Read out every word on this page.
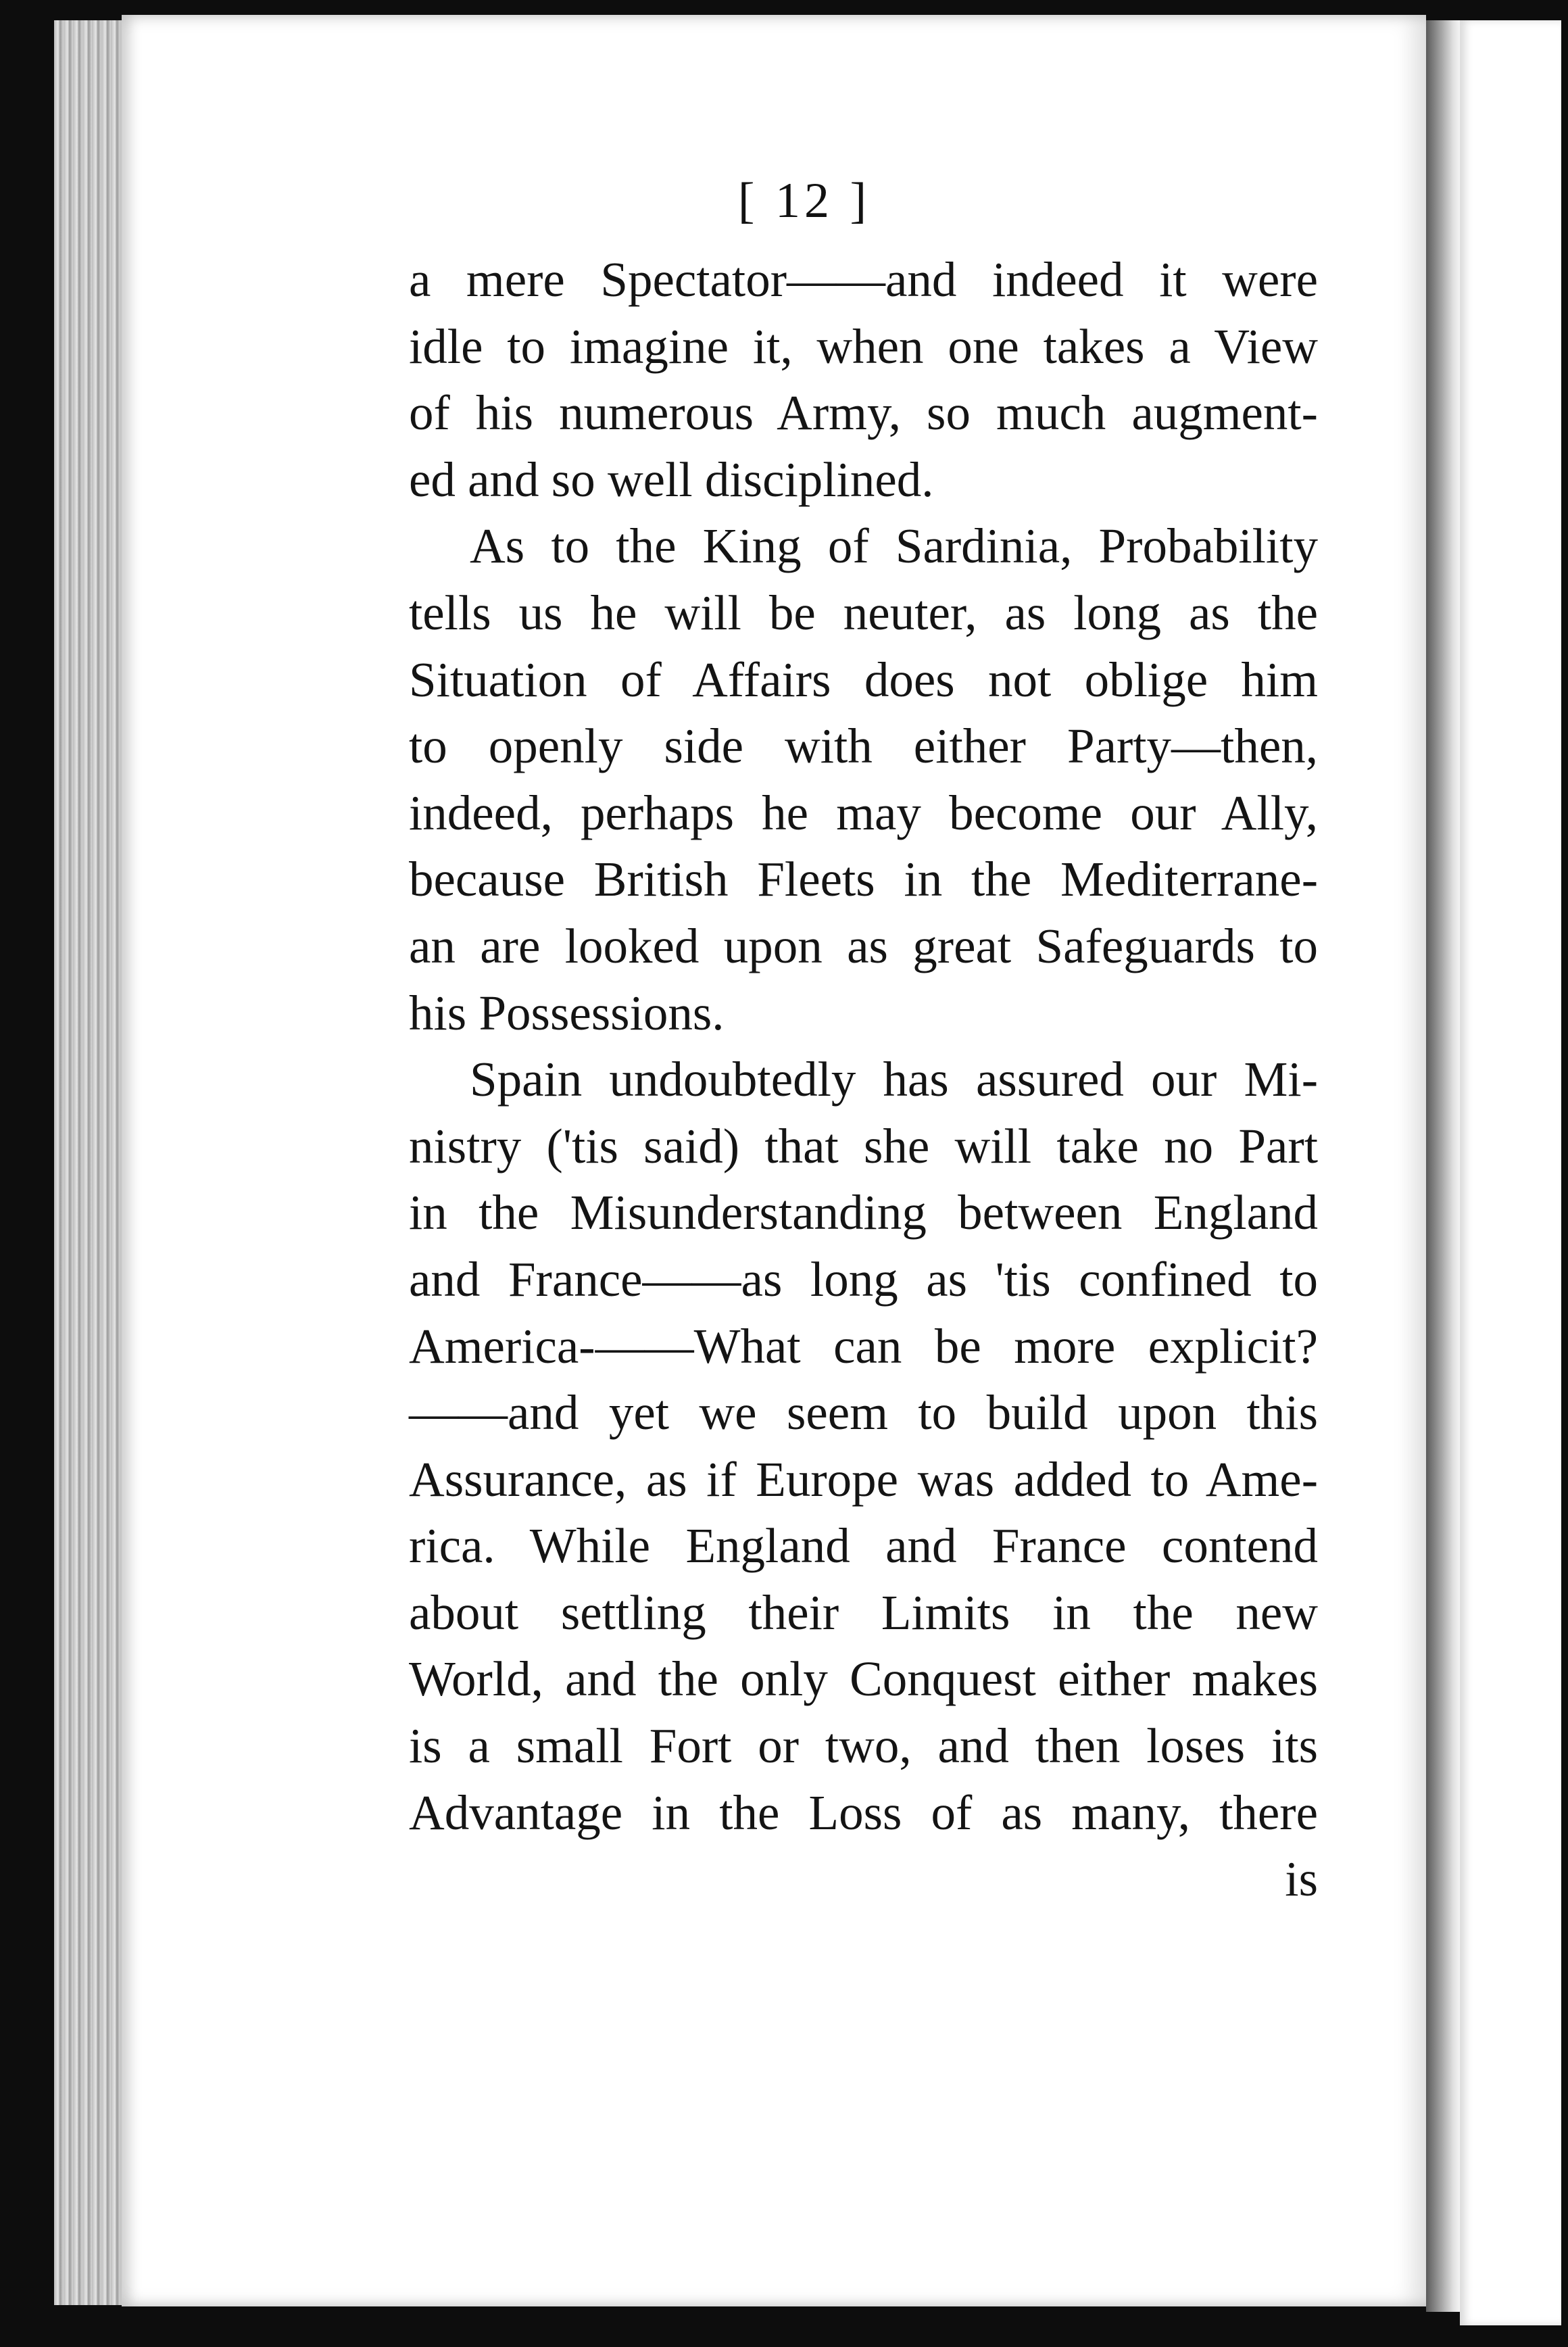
[ 12 ]
a mere Spectator——and indeed it were
idle to imagine it, when one takes a View
of his numerous Army, so much augment-
ed and so well disciplined.
As to the King of Sardinia, Probability
tells us he will be neuter, as long as the
Situation of Affairs does not oblige him
to openly side with either Party—then,
indeed, perhaps he may become our Ally,
because British Fleets in the Mediterrane-
an are looked upon as great Safeguards to
his Possessions.
Spain undoubtedly has assured our Mi-
nistry ('tis said) that she will take no Part
in the Misunderstanding between England
and France——as long as 'tis confined to
America-——What can be more explicit?
——and yet we seem to build upon this
Assurance, as if Europe was added to Ame-
rica. While England and France contend
about settling their Limits in the new
World, and the only Conquest either makes
is a small Fort or two, and then loses its
Advantage in the Loss of as many, there
is
